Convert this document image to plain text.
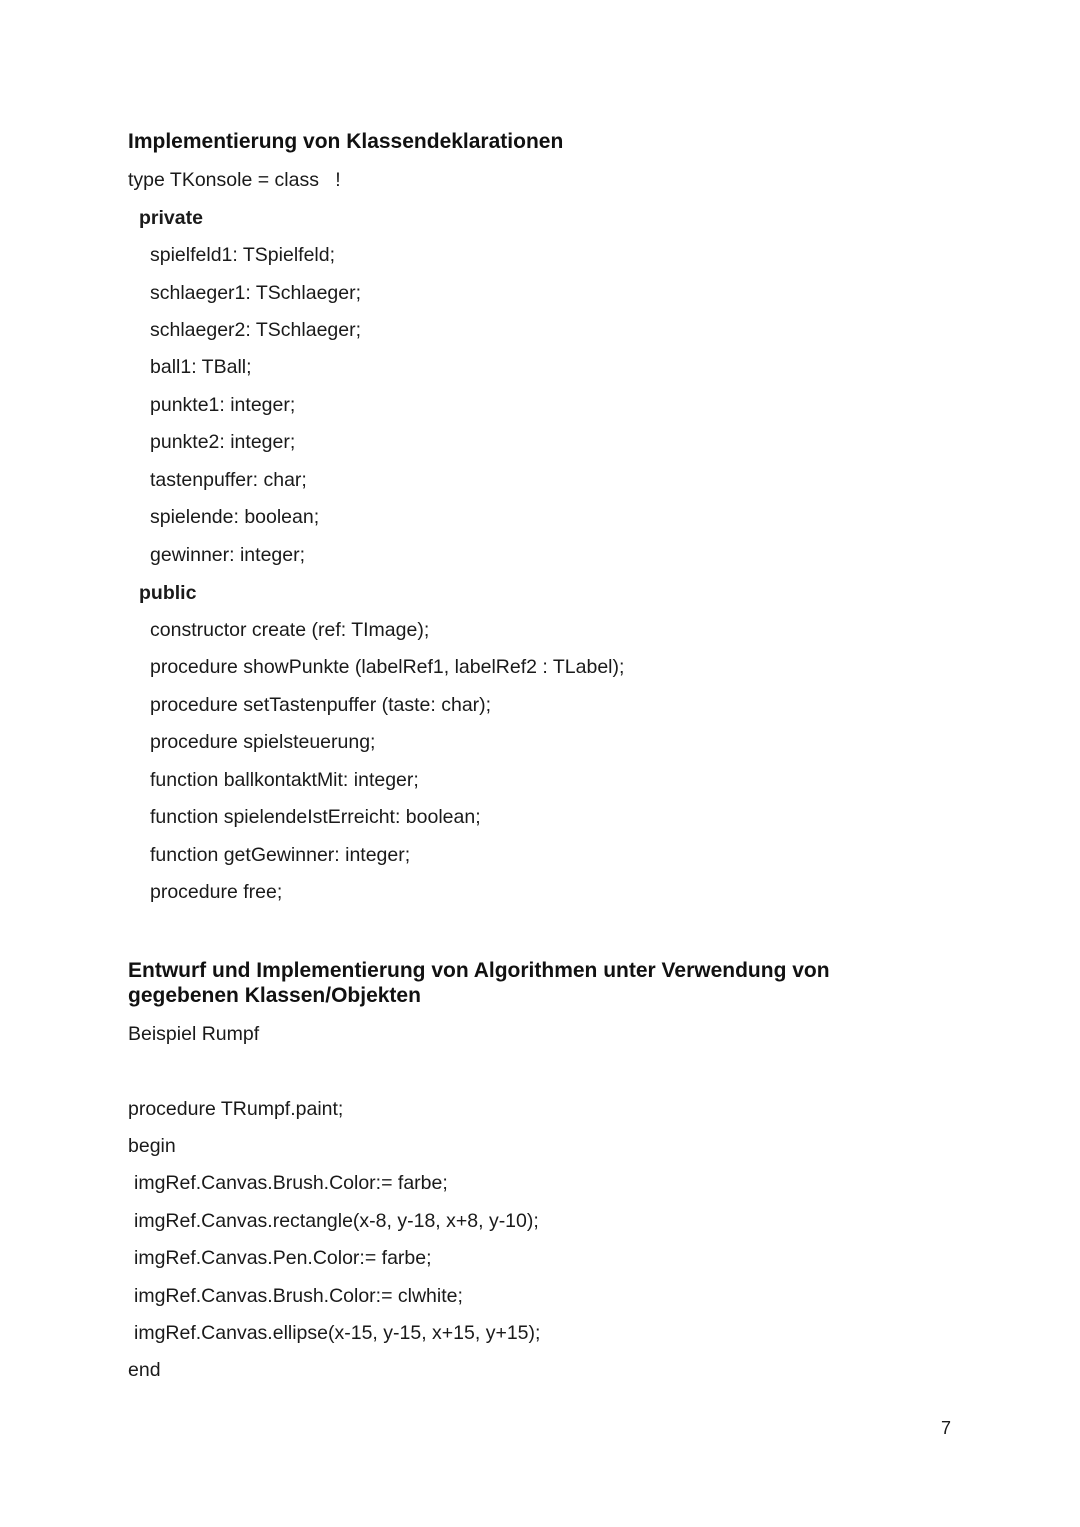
Implementierung von Klassendeklarationen
type TKonsole = class   !
private
spielfeld1: TSpielfeld;
schlaeger1: TSchlaeger;
schlaeger2: TSchlaeger;
ball1: TBall;
punkte1: integer;
punkte2: integer;
tastenpuffer: char;
spielende: boolean;
gewinner: integer;
public
constructor create (ref: TImage);
procedure showPunkte (labelRef1, labelRef2 : TLabel);
procedure setTastenpuffer (taste: char);
procedure spielsteuerung;
function ballkontaktMit: integer;
function spielendeIstErreicht: boolean;
function getGewinner: integer;
procedure free;
Entwurf und Implementierung von Algorithmen unter Verwendung von
gegebenen Klassen/Objekten
Beispiel Rumpf
procedure TRumpf.paint;
begin
imgRef.Canvas.Brush.Color:= farbe;
imgRef.Canvas.rectangle(x-8, y-18, x+8, y-10);
imgRef.Canvas.Pen.Color:= farbe;
imgRef.Canvas.Brush.Color:= clwhite;
imgRef.Canvas.ellipse(x-15, y-15, x+15, y+15);
end
7
